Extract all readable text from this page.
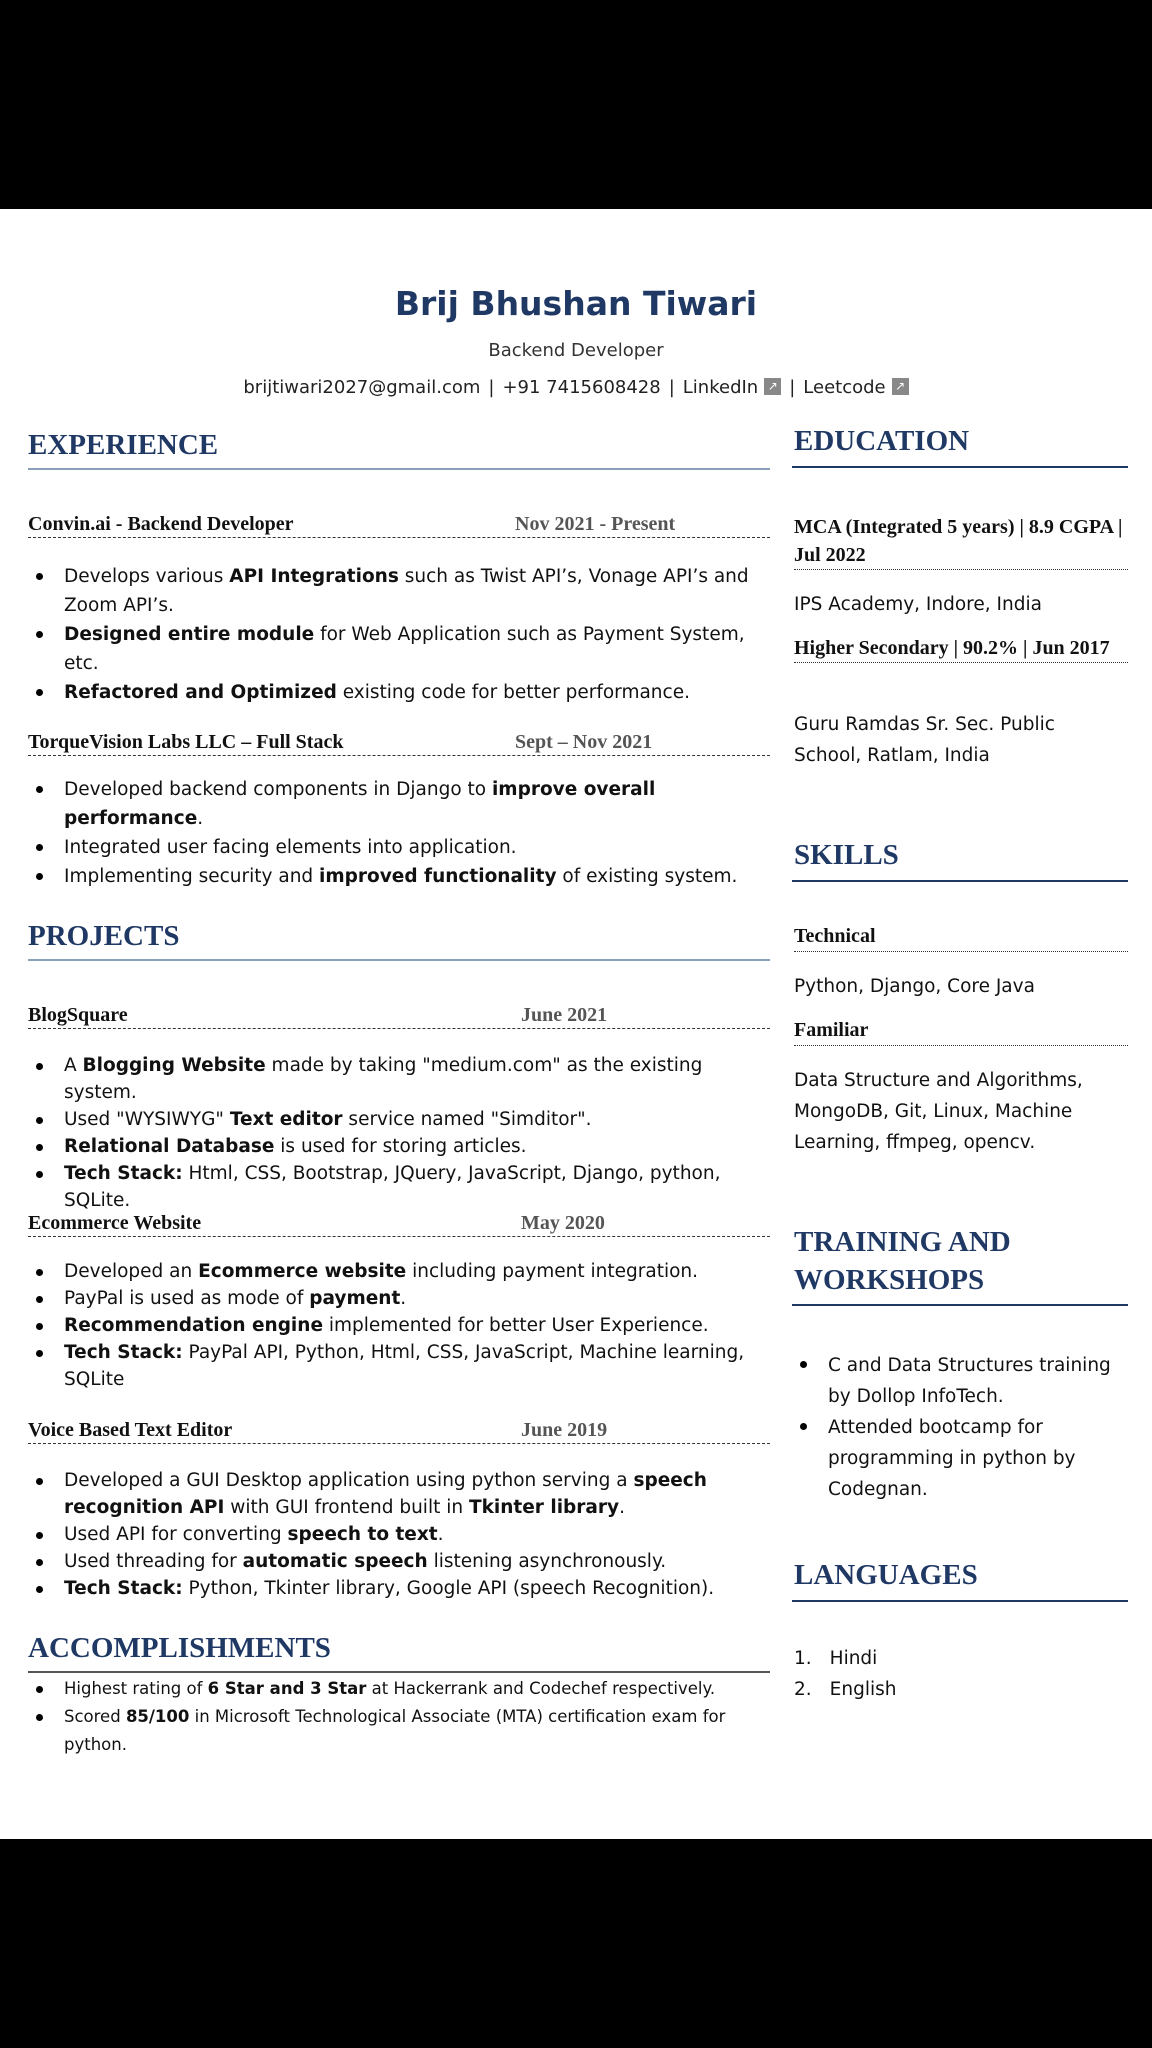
Brij Bhushan Tiwari
Backend Developer
brijtiwari2027@gmail.com | +91 7415608428 | LinkedIn ↗ | Leetcode ↗
EXPERIENCE
Convin.ai - Backend Developer	Nov 2021 - Present
Develops various API Integrations such as Twist API’s, Vonage API’s and Zoom API’s.
Designed entire module for Web Application such as Payment System, etc.
Refactored and Optimized existing code for better performance.
TorqueVision Labs LLC – Full Stack	Sept – Nov 2021
Developed backend components in Django to improve overall performance.
Integrated user facing elements into application.
Implementing security and improved functionality of existing system.
PROJECTS
BlogSquare	June 2021
A Blogging Website made by taking "medium.com" as the existing system.
Used "WYSIWYG" Text editor service named "Simditor".
Relational Database is used for storing articles.
Tech Stack: Html, CSS, Bootstrap, JQuery, JavaScript, Django, python, SQLite.
Ecommerce Website	May 2020
Developed an Ecommerce website including payment integration.
PayPal is used as mode of payment.
Recommendation engine implemented for better User Experience.
Tech Stack: PayPal API, Python, Html, CSS, JavaScript, Machine learning, SQLite
Voice Based Text Editor	June 2019
Developed a GUI Desktop application using python serving a speech recognition API with GUI frontend built in Tkinter library.
Used API for converting speech to text.
Used threading for automatic speech listening asynchronously.
Tech Stack: Python, Tkinter library, Google API (speech Recognition).
ACCOMPLISHMENTS
Highest rating of 6 Star and 3 Star at Hackerrank and Codechef respectively.
Scored 85/100 in Microsoft Technological Associate (MTA) certification exam for python.
EDUCATION
MCA (Integrated 5 years) | 8.9 CGPA | Jul 2022
IPS Academy, Indore, India
Higher Secondary | 90.2% | Jun 2017
Guru Ramdas Sr. Sec. Public School, Ratlam, India
SKILLS
Technical
Python, Django, Core Java
Familiar
Data Structure and Algorithms, MongoDB, Git, Linux, Machine Learning, ffmpeg, opencv.
TRAINING AND WORKSHOPS
C and Data Structures training by Dollop InfoTech.
Attended bootcamp for programming in python by Codegnan.
LANGUAGES
1. Hindi
2. English
